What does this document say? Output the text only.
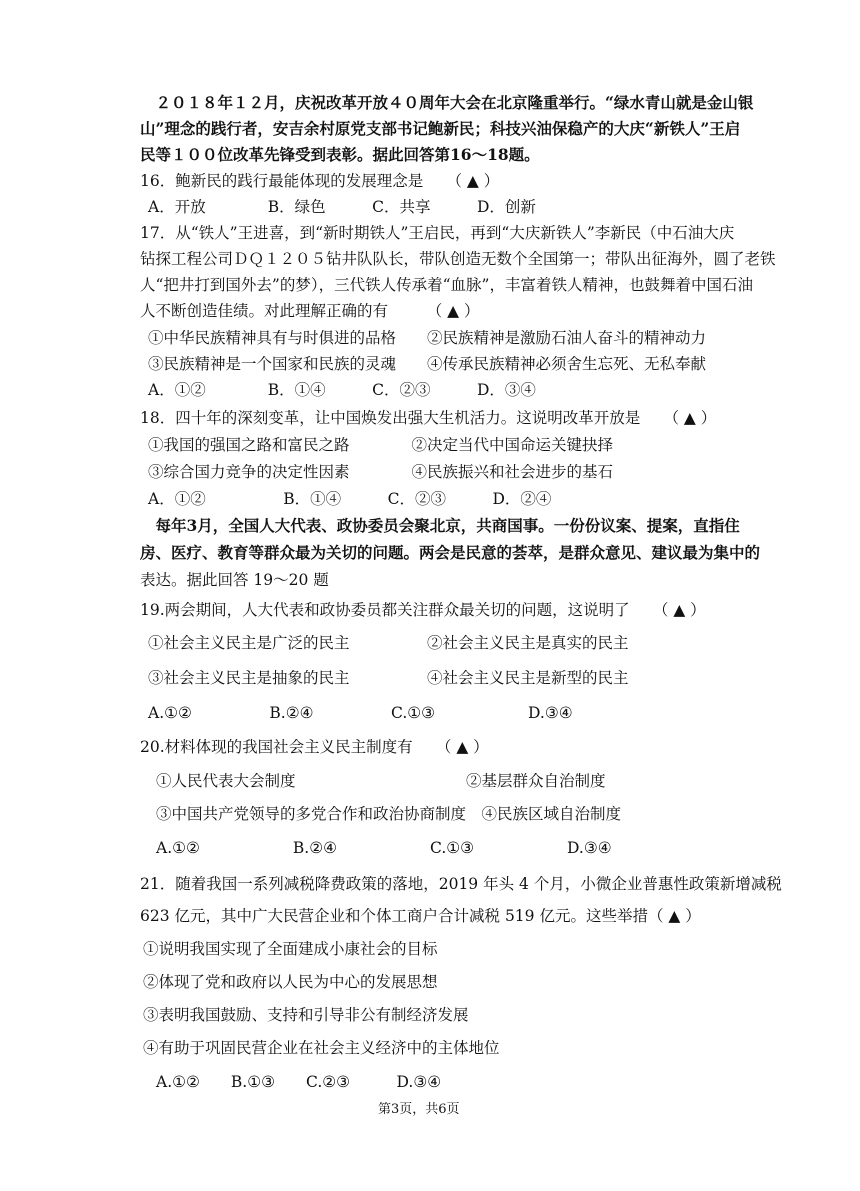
　２０１８年１２月，庆祝改革开放４０周年大会在北京隆重举行。“绿水青山就是金山银
山”理念的践行者，安吉余村原党支部书记鲍新民；科技兴油保稳产的大庆“新铁人”王启
民等１００位改革先锋受到表彰。据此回答第16～18题。
16．鲍新民的践行最能体现的发展理念是　　（ ▲ ）
A．开放　　　　B．绿色　　　C．共享　　　D．创新
17．从“铁人”王进喜，到“新时期铁人”王启民，再到“大庆新铁人”李新民（中石油大庆
钻探工程公司ＤＱ１２０５钻井队队长，带队创造无数个全国第一；带队出征海外，圆了老铁
人“把井打到国外去”的梦），三代铁人传承着“血脉”，丰富着铁人精神，也鼓舞着中国石油
人不断创造佳绩。对此理解正确的有　　　（ ▲ ）
①中华民族精神具有与时俱进的品格　　②民族精神是激励石油人奋斗的精神动力
③民族精神是一个国家和民族的灵魂　　④传承民族精神必须舍生忘死、无私奉献
A．①②　　　　B．①④　　　C．②③　　　D．③④
18．四十年的深刻变革，让中国焕发出强大生机活力。这说明改革开放是　　（ ▲ ）
①我国的强国之路和富民之路　　　　②决定当代中国命运关键抉择
③综合国力竞争的决定性因素　　　　④民族振兴和社会进步的基石
A．①②　　　　　B．①④　　　C．②③　　　D．②④
　每年3月，全国人大代表、政协委员会聚北京，共商国事。一份份议案、提案，直指住
房、医疗、教育等群众最为关切的问题。两会是民意的荟萃，是群众意见、建议最为集中的
表达。据此回答 19～20 题
19.两会期间，人大代表和政协委员都关注群众最关切的问题，这说明了　　（ ▲ ）
①社会主义民主是广泛的民主　　　　　②社会主义民主是真实的民主
③社会主义民主是抽象的民主　　　　　④社会主义民主是新型的民主
A.①②　　　　　B.②④　　　　　C.①③　　　　　　D.③④
20.材料体现的我国社会主义民主制度有　　（ ▲ ）
①人民代表大会制度　　　　　　　　　　　②基层群众自治制度
③中国共产党领导的多党合作和政治协商制度　④民族区域自治制度
A.①②　　　　　　B.②④　　　　　　C.①③　　　　　　D.③④
21．随着我国一系列减税降费政策的落地，2019 年头 4 个月，小微企业普惠性政策新增减税
623 亿元，其中广大民营企业和个体工商户合计减税 519 亿元。这些举措（ ▲ ）
①说明我国实现了全面建成小康社会的目标
②体现了党和政府以人民为中心的发展思想
③表明我国鼓励、支持和引导非公有制经济发展
④有助于巩固民营企业在社会主义经济中的主体地位
A.①②　　B.①③　　C.②③　　　D.③④
第3页，共6页
